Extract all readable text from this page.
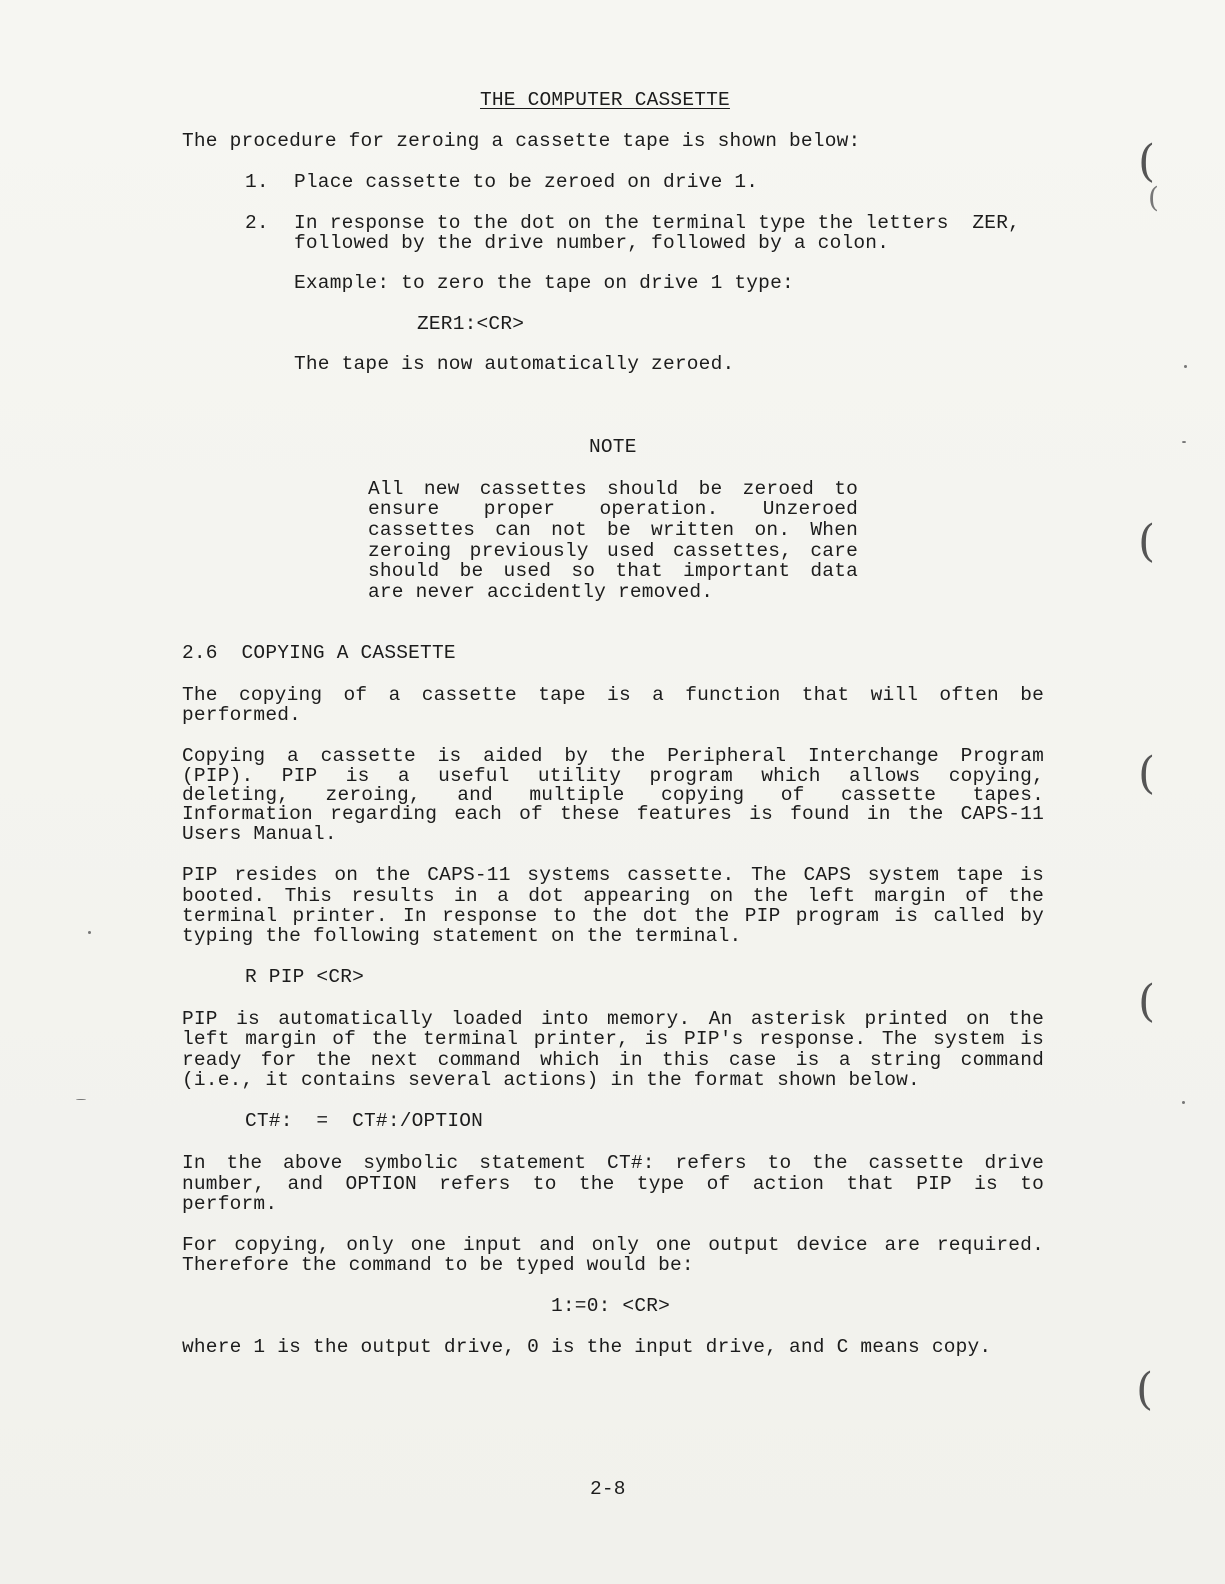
THE COMPUTER CASSETTE
The procedure for zeroing a cassette tape is shown below:
1. Place cassette to be zeroed on drive 1.
2. In response to the dot on the terminal type the letters  ZER,
followed by the drive number, followed by a colon.
Example: to zero the tape on drive 1 type:
ZER1:<CR>
The tape is now automatically zeroed.
NOTE
All new cassettes should be zeroed to
ensure proper operation. Unzeroed
cassettes can not be written on. When
zeroing previously used cassettes, care
should be used so that important data
are never accidently removed.
2.6  COPYING A CASSETTE
The copying of a cassette tape is a function that will often be
performed.
Copying a cassette is aided by the Peripheral Interchange Program
(PIP). PIP is a useful utility program which allows copying,
deleting, zeroing, and multiple copying of cassette tapes.
Information regarding each of these features is found in the CAPS-11
Users Manual.
PIP resides on the CAPS-11 systems cassette. The CAPS system tape is
booted. This results in a dot appearing on the left margin of the
terminal printer. In response to the dot the PIP program is called by
typing the following statement on the terminal.
R PIP <CR>
PIP is automatically loaded into memory. An asterisk printed on the
left margin of the terminal printer, is PIP's response. The system is
ready for the next command which in this case is a string command
(i.e., it contains several actions) in the format shown below.
CT#:  =  CT#:/OPTION
In the above symbolic statement CT#: refers to the cassette drive
number, and OPTION refers to the type of action that PIP is to
perform.
For copying, only one input and only one output device are required.
Therefore the command to be typed would be:
1:=0: <CR>
where 1 is the output drive, 0 is the input drive, and C means copy.
2-8
(
(
(
(
(
(
